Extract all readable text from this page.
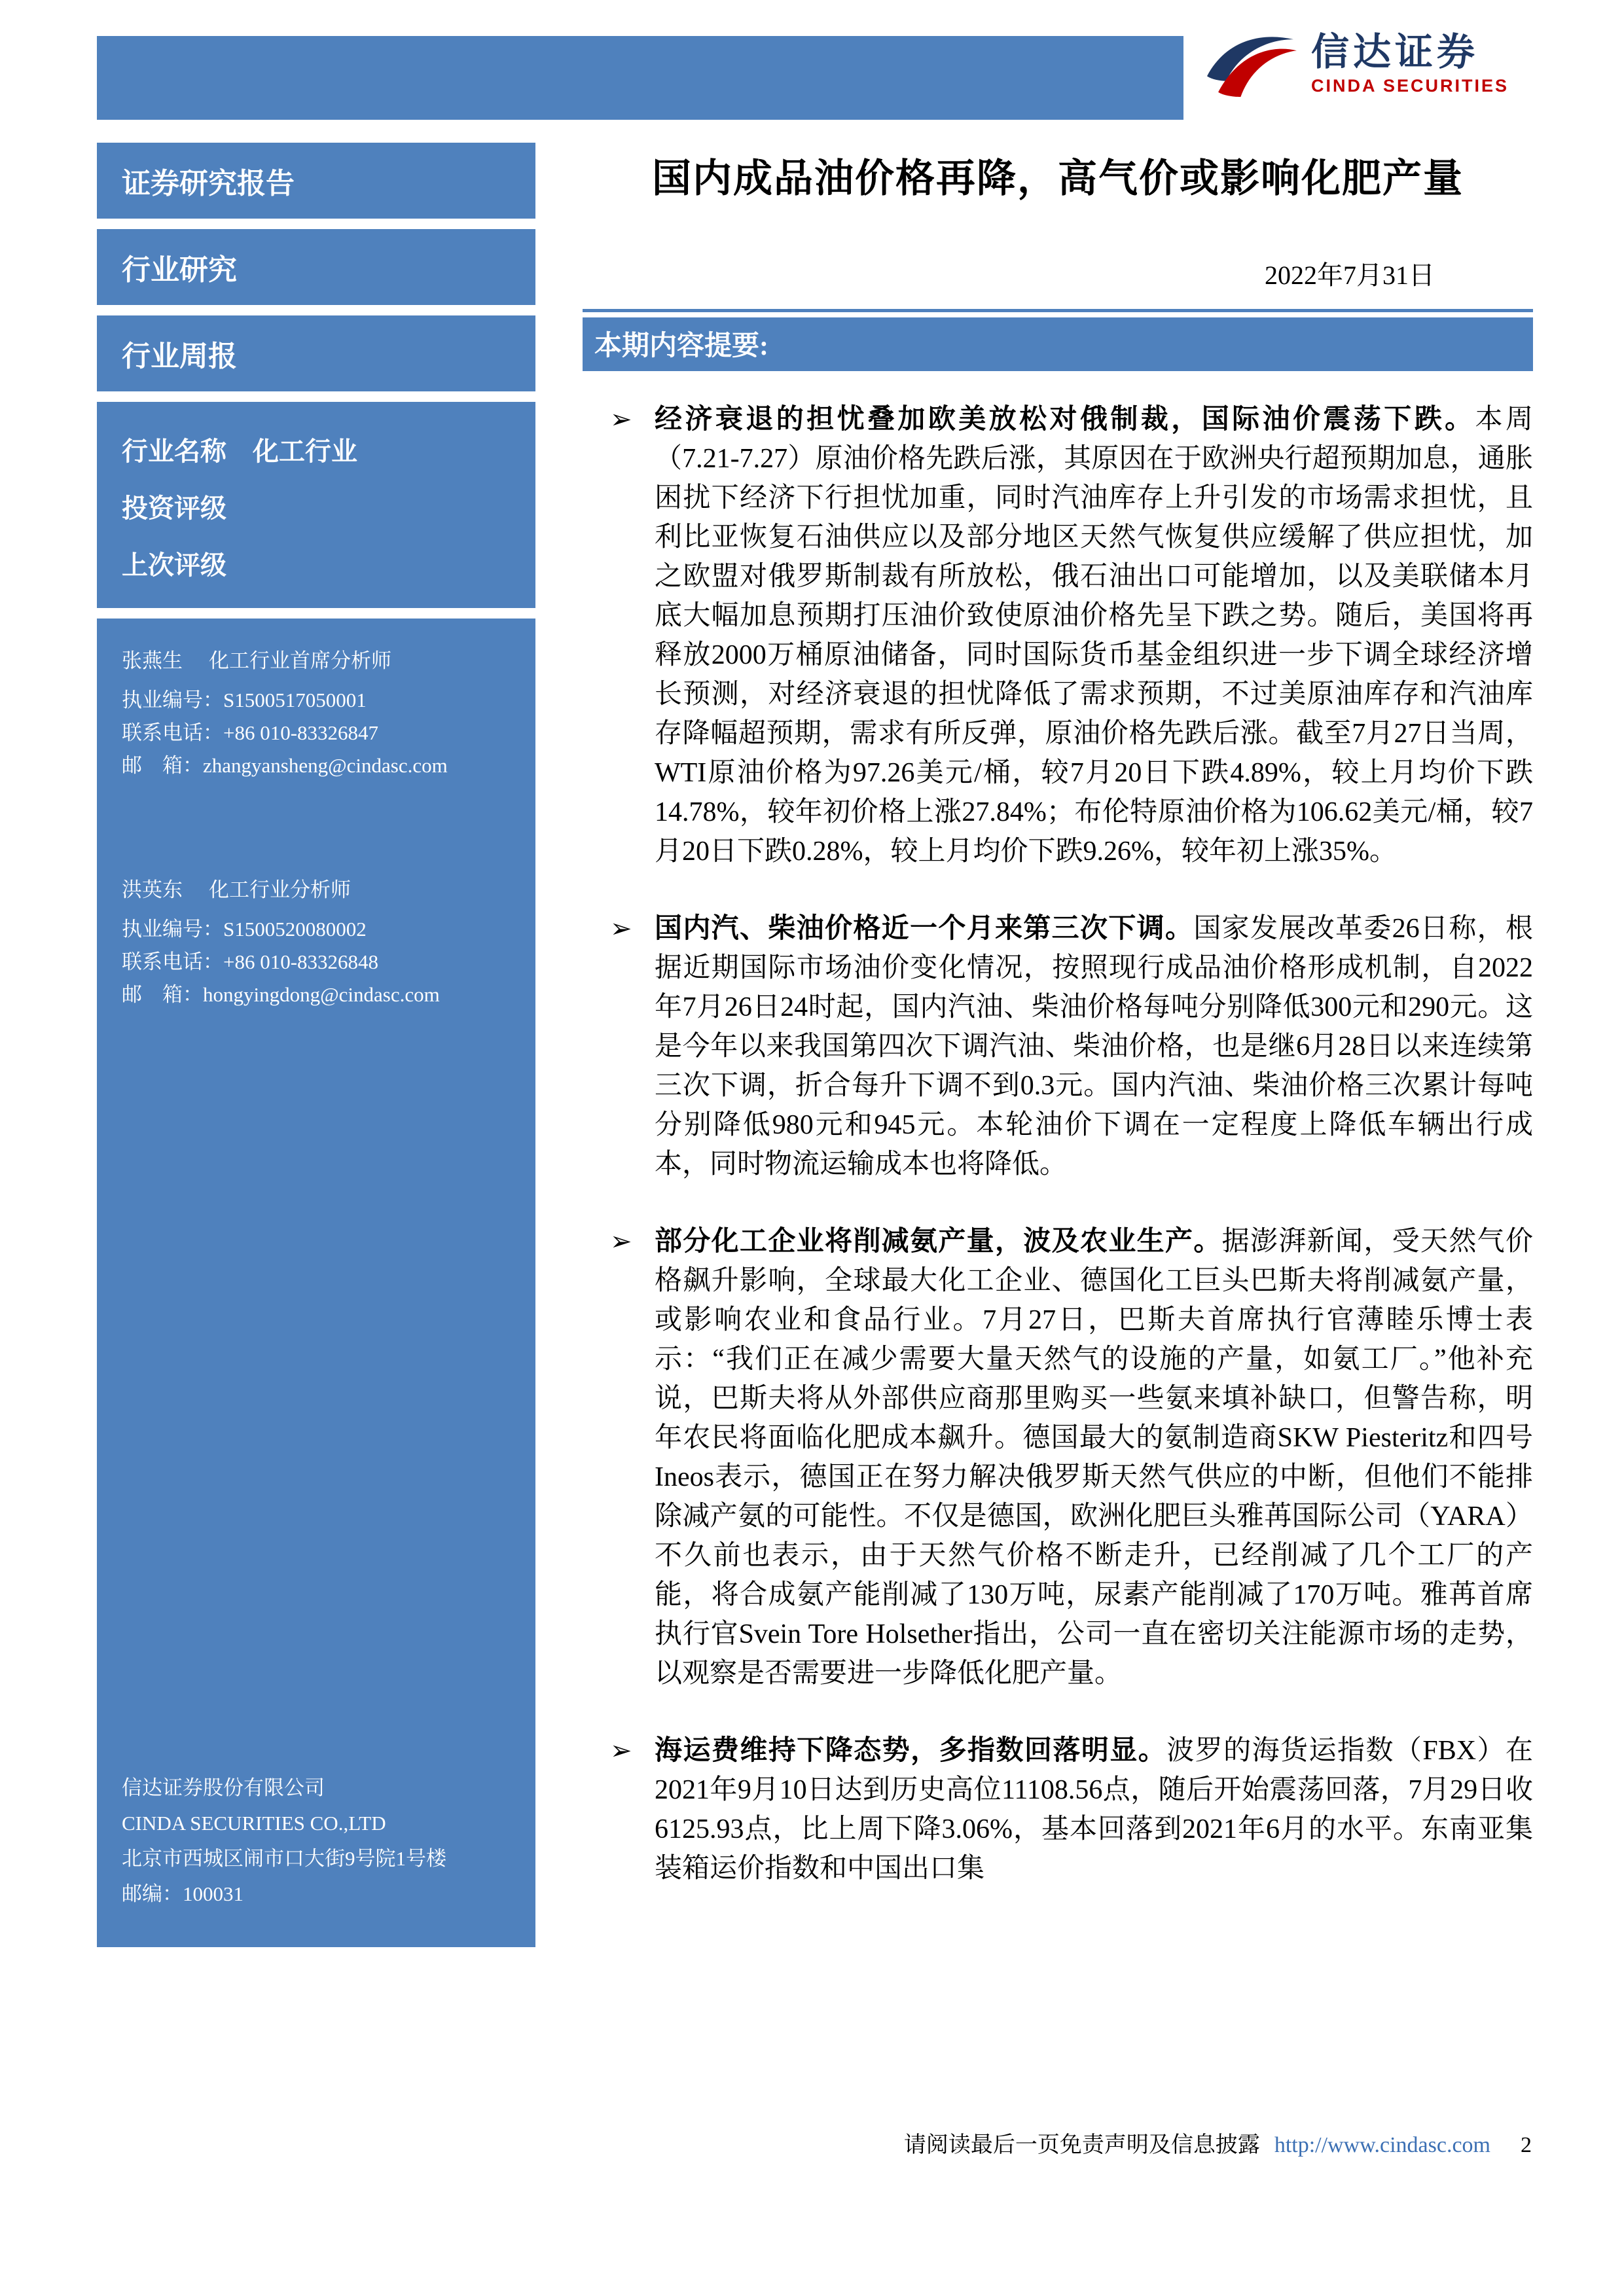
信达证券
CINDA SECURITIES
证券研究报告
行业研究
行业周报
行业名称 化工行业
投资评级
上次评级
张燕生 化工行业首席分析师
执业编号：S1500517050001
联系电话：+86 010-83326847
邮　箱：zhangyansheng@cindasc.com
洪英东 化工行业分析师
执业编号：S1500520080002
联系电话：+86 010-83326848
邮　箱：hongyingdong@cindasc.com
信达证券股份有限公司
CINDA SECURITIES CO.,LTD
北京市西城区闹市口大街9号院1号楼
邮编：100031
国内成品油价格再降，高气价或影响化肥产量
2022年7月31日
本期内容提要:
➢ 经济衰退的担忧叠加欧美放松对俄制裁，国际油价震荡下跌。本周（7.21-7.27）原油价格先跌后涨，其原因在于欧洲央行超预期加息，通胀困扰下经济下行担忧加重，同时汽油库存上升引发的市场需求担忧，且利比亚恢复石油供应以及部分地区天然气恢复供应缓解了供应担忧，加之欧盟对俄罗斯制裁有所放松，俄石油出口可能增加，以及美联储本月底大幅加息预期打压油价致使原油价格先呈下跌之势。随后，美国将再释放2000万桶原油储备，同时国际货币基金组织进一步下调全球经济增长预测，对经济衰退的担忧降低了需求预期，不过美原油库存和汽油库存降幅超预期，需求有所反弹，原油价格先跌后涨。截至7月27日当周，WTI原油价格为97.26美元/桶，较7月20日下跌4.89%，较上月均价下跌14.78%，较年初价格上涨27.84%；布伦特原油价格为106.62美元/桶，较7月20日下跌0.28%，较上月均价下跌9.26%，较年初上涨35%。
➢ 国内汽、柴油价格近一个月来第三次下调。国家发展改革委26日称，根据近期国际市场油价变化情况，按照现行成品油价格形成机制，自2022年7月26日24时起，国内汽油、柴油价格每吨分别降低300元和290元。这是今年以来我国第四次下调汽油、柴油价格，也是继6月28日以来连续第三次下调，折合每升下调不到0.3元。国内汽油、柴油价格三次累计每吨分别降低980元和945元。本轮油价下调在一定程度上降低车辆出行成本，同时物流运输成本也将降低。
➢ 部分化工企业将削减氨产量，波及农业生产。据澎湃新闻，受天然气价格飙升影响，全球最大化工企业、德国化工巨头巴斯夫将削减氨产量，或影响农业和食品行业。7月27日，巴斯夫首席执行官薄睦乐博士表示：“我们正在减少需要大量天然气的设施的产量，如氨工厂。”他补充说，巴斯夫将从外部供应商那里购买一些氨来填补缺口，但警告称，明年农民将面临化肥成本飙升。德国最大的氨制造商SKW Piesteritz和四号Ineos表示，德国正在努力解决俄罗斯天然气供应的中断，但他们不能排除减产氨的可能性。不仅是德国，欧洲化肥巨头雅苒国际公司（YARA）不久前也表示，由于天然气价格不断走升，已经削减了几个工厂的产能，将合成氨产能削减了130万吨，尿素产能削减了170万吨。雅苒首席执行官Svein Tore Holsether指出，公司一直在密切关注能源市场的走势，以观察是否需要进一步降低化肥产量。
➢ 海运费维持下降态势，多指数回落明显。波罗的海货运指数（FBX）在2021年9月10日达到历史高位11108.56点，随后开始震荡回落，7月29日收6125.93点，比上周下降3.06%，基本回落到2021年6月的水平。东南亚集装箱运价指数和中国出口集
请阅读最后一页免责声明及信息披露 http://www.cindasc.com 2
